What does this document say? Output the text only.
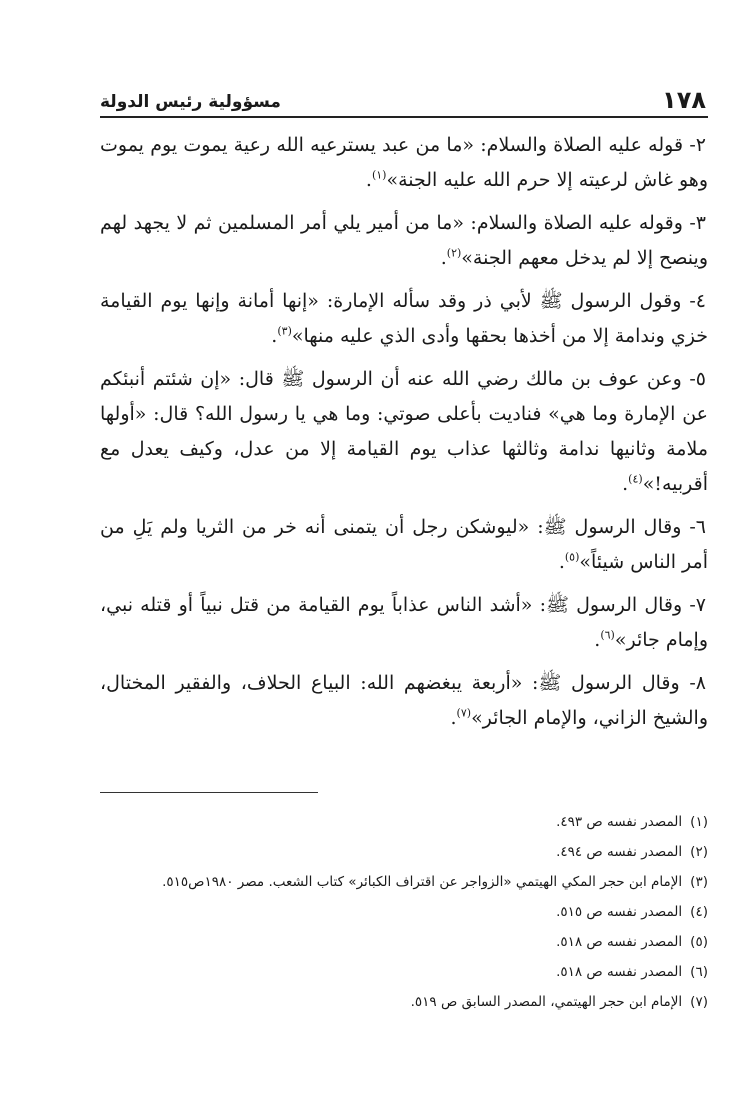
١٧٨
مسؤولية رئيس الدولة

٢- قوله عليه الصلاة والسلام: «ما من عبد يسترعيه الله رعية يموت يوم يموت وهو غاش لرعيته إلا حرم الله عليه الجنة»$^{(١)}$.

٣- وقوله عليه الصلاة والسلام: «ما من أمير يلي أمر المسلمين ثم لا يجهد لهم وينصح إلا لم يدخل معهم الجنة»$^{(٢)}$.

٤- وقول الرسول ﷺ لأبي ذر وقد سأله الإمارة: «إنها أمانة وإنها يوم القيامة خزي وندامة إلا من أخذها بحقها وأدى الذي عليه منها»$^{(٣)}$.

٥- وعن عوف بن مالك رضي الله عنه أن الرسول ﷺ قال: «إن شئتم أنبئكم عن الإمارة وما هي» فناديت بأعلى صوتي: وما هي يا رسول الله؟ قال: «أولها ملامة وثانيها ندامة وثالثها عذاب يوم القيامة إلا من عدل، وكيف يعدل مع أقربيه!»$^{(٤)}$.

٦- وقال الرسول ﷺ: «ليوشكن رجل أن يتمنى أنه خر من الثريا ولم يَلِ من أمر الناس شيئاً»$^{(٥)}$.

٧- وقال الرسول ﷺ: «أشد الناس عذاباً يوم القيامة من قتل نبياً أو قتله نبي، وإمام جائر»$^{(٦)}$.

٨- وقال الرسول ﷺ: «أربعة يبغضهم الله: البياع الحلاف، والفقير المختال، والشيخ الزاني، والإمام الجائر»$^{(٧)}$.

(١)
المصدر نفسه ص ٤٩٣.
(٢)
المصدر نفسه ص ٤٩٤.
(٣)
الإمام ابن حجر المكي الهيتمي «الزواجر عن اقتراف الكبائر» كتاب الشعب. مصر ١٩٨٠ص٥١٥.
(٤)
المصدر نفسه ص ٥١٥.
(٥)
المصدر نفسه ص ٥١٨.
(٦)
المصدر نفسه ص ٥١٨.
(٧)
الإمام ابن حجر الهيتمي، المصدر السابق ص ٥١٩.
